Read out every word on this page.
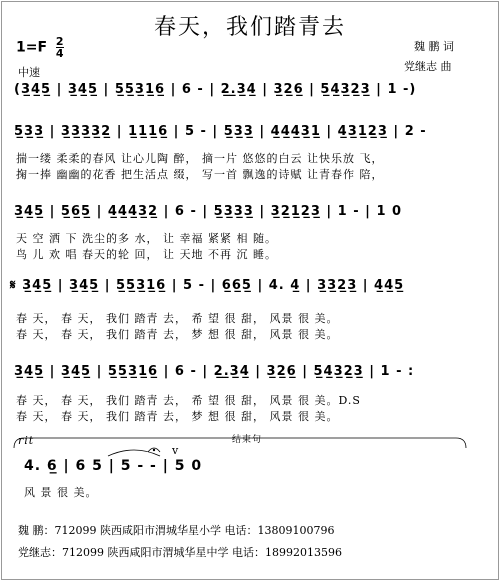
春天，我们踏青去
$1=F \frac{2}{4}$
中速
魏 鹏 词
党继志 曲
(3̲4̲5̲ | 3̲4̲5̲ | 5̲5̲3̲1̲6̲ | 6 - | 2̲.̲3̲4̲ | 3̲2̲6̲ | 5̲4̲3̲2̲3̲ | 1 -)
5̲3̲3̲ | 3̲3̲3̲3̲2̲ | 1̲1̲1̲6̲ | 5 - | 5̲3̲3̲ | 4̲4̲4̲3̲1̲ | 4̲3̲1̲2̲3̲ | 2 -
揣一缕 柔柔的春风 让心儿陶 醉， 摘一片 悠悠的白云 让快乐放 飞，
掬一捧 幽幽的花香 把生活点 缀， 写一首 飘逸的诗赋 让青春作 陪，
3̲4̲5̲ | 5̲6̲5̲ | 4̲4̲4̲3̲2̲ | 6 - | 5̲3̲3̲3̲ | 3̲2̲1̲2̲3̲ | 1 - | 1 0
天 空 洒 下 洗尘的多 水， 让 幸福 紧紧 相 随。
鸟 儿 欢 唱 春天的轮 回， 让 天地 不再 沉 睡。
𝄋 3̲4̲5̲ | 3̲4̲5̲ | 5̲5̲3̲1̲6̲ | 5 - | 6̲6̲5̲ | 4. 4̲ | 3̲3̲2̲3̲ | 4̲4̲5̲
春 天， 春 天， 我们 踏青 去， 希 望 很 甜， 风景 很 美。
春 天， 春 天， 我们 踏青 去， 梦 想 很 甜， 风景 很 美。
3̲4̲5̲ | 3̲4̲5̲ | 5̲5̲3̲1̲6̲ | 6 - | 2̲.̲3̲4̲ | 3̲2̲6̲ | 5̲4̲3̲2̲3̲ | 1 - :
春 天， 春 天， 我们 踏青 去， 希 望 很 甜， 风景 很 美。D.S
春 天， 春 天， 我们 踏青 去， 梦 想 很 甜， 风景 很 美。
rit	结束句
v
4. 6̲ | 6 5 | 5 - - | 5 0
风 景 很 美。
魏 鹏：712099 陕西咸阳市渭城华星小学 电话：13809100796
党继志：712099 陕西咸阳市渭城华星中学 电话：18992013596
